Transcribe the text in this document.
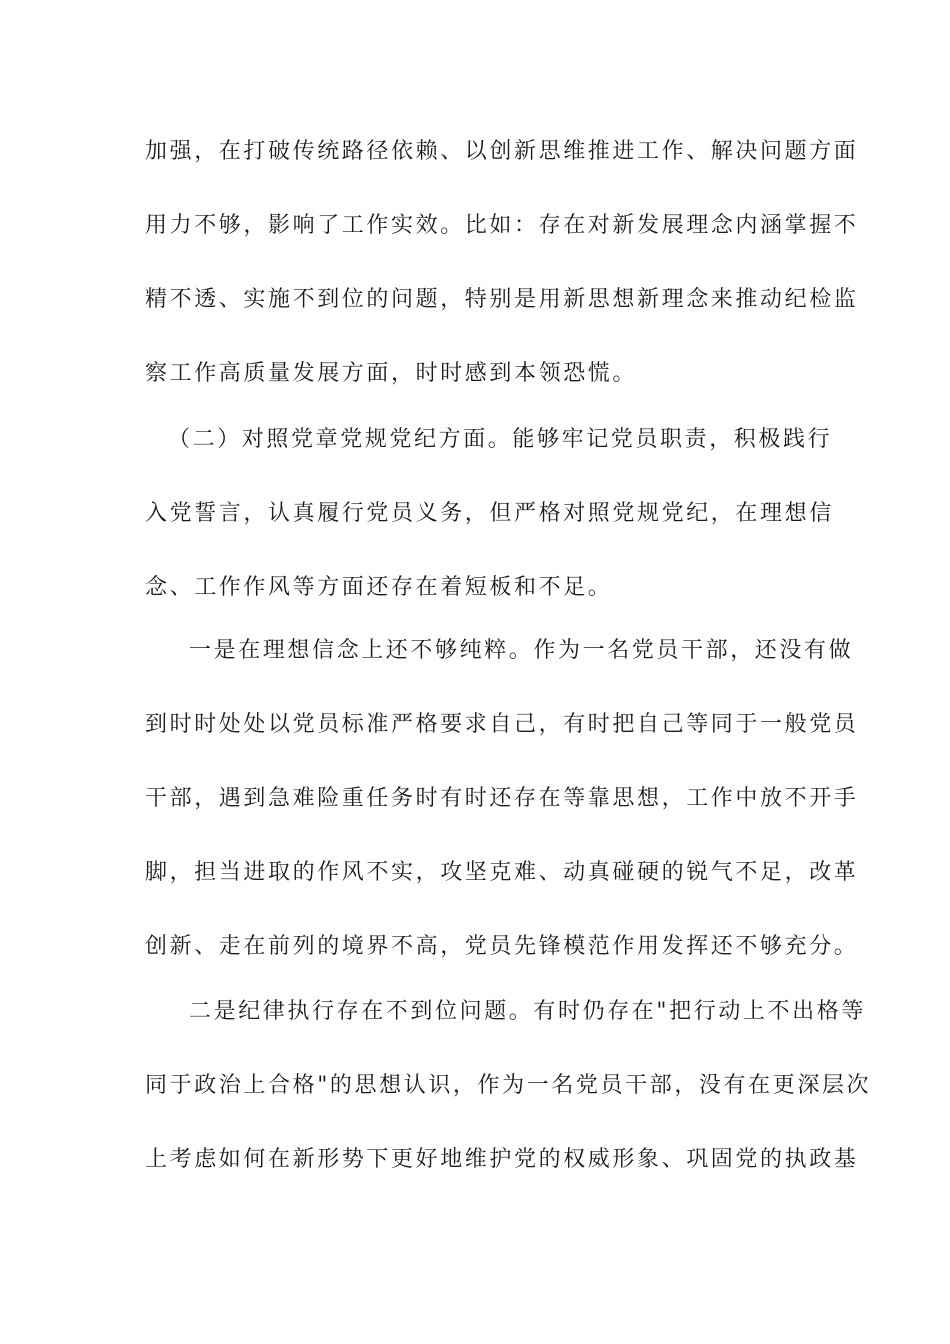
加强，在打破传统路径依赖、以创新思维推进工作、解决问题方面
用力不够，影响了工作实效。比如：存在对新发展理念内涵掌握不
精不透、实施不到位的问题，特别是用新思想新理念来推动纪检监
察工作高质量发展方面，时时感到本领恐慌。
（二）对照党章党规党纪方面。能够牢记党员职责，积极践行
入党誓言，认真履行党员义务，但严格对照党规党纪，在理想信
念、工作作风等方面还存在着短板和不足。
一是在理想信念上还不够纯粹。作为一名党员干部，还没有做
到时时处处以党员标准严格要求自己，有时把自己等同于一般党员
干部，遇到急难险重任务时有时还存在等靠思想，工作中放不开手
脚，担当进取的作风不实，攻坚克难、动真碰硬的锐气不足，改革
创新、走在前列的境界不高，党员先锋模范作用发挥还不够充分。
二是纪律执行存在不到位问题。有时仍存在"把行动上不出格等
同于政治上合格"的思想认识，作为一名党员干部，没有在更深层次
上考虑如何在新形势下更好地维护党的权威形象、巩固党的执政基
